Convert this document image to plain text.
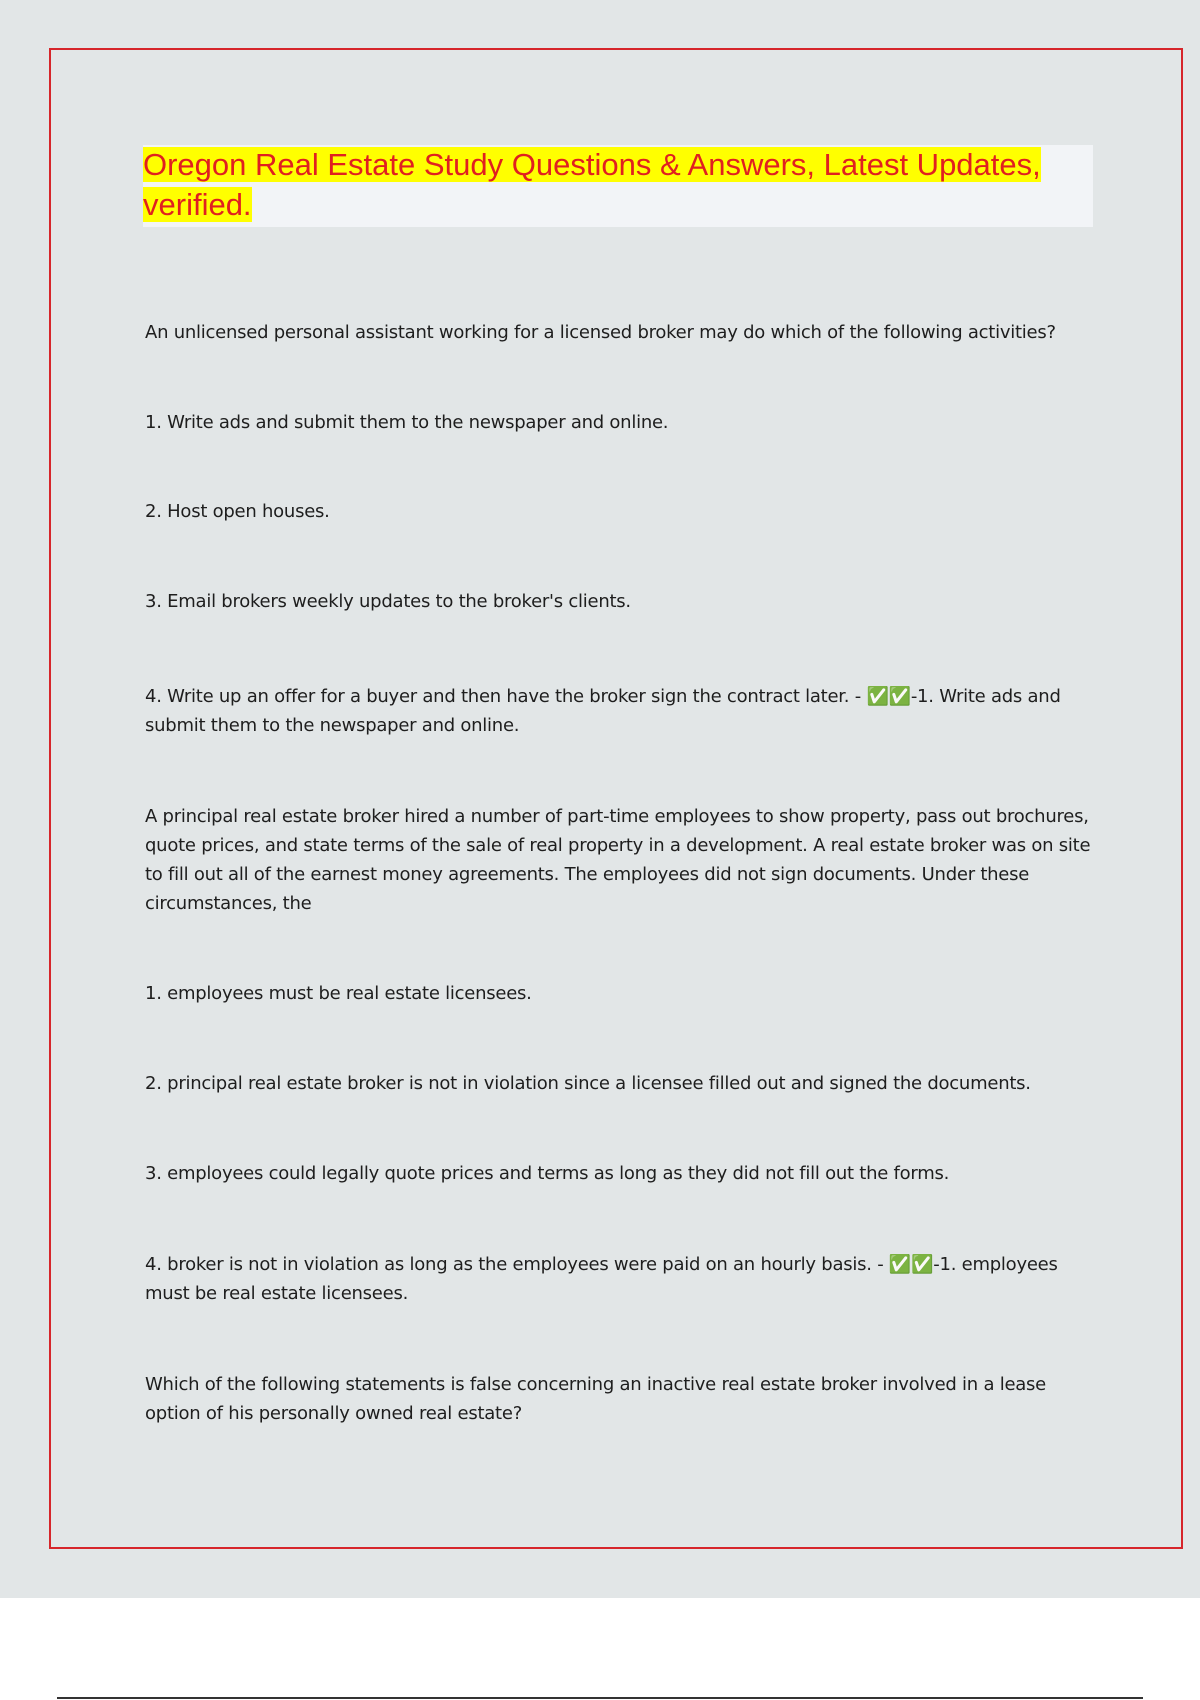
Oregon Real Estate Study Questions & Answers, Latest Updates, verified.

An unlicensed personal assistant working for a licensed broker may do which of the following activities?

1. Write ads and submit them to the newspaper and online.

2. Host open houses.

3. Email brokers weekly updates to the broker's clients.

4. Write up an offer for a buyer and then have the broker sign the contract later. - ✅✅-1. Write ads and submit them to the newspaper and online.

A principal real estate broker hired a number of part-time employees to show property, pass out brochures, quote prices, and state terms of the sale of real property in a development. A real estate broker was on site to fill out all of the earnest money agreements. The employees did not sign documents. Under these circumstances, the

1. employees must be real estate licensees.

2. principal real estate broker is not in violation since a licensee filled out and signed the documents.

3. employees could legally quote prices and terms as long as they did not fill out the forms.

4. broker is not in violation as long as the employees were paid on an hourly basis. - ✅✅-1. employees must be real estate licensees.

Which of the following statements is false concerning an inactive real estate broker involved in a lease option of his personally owned real estate?
